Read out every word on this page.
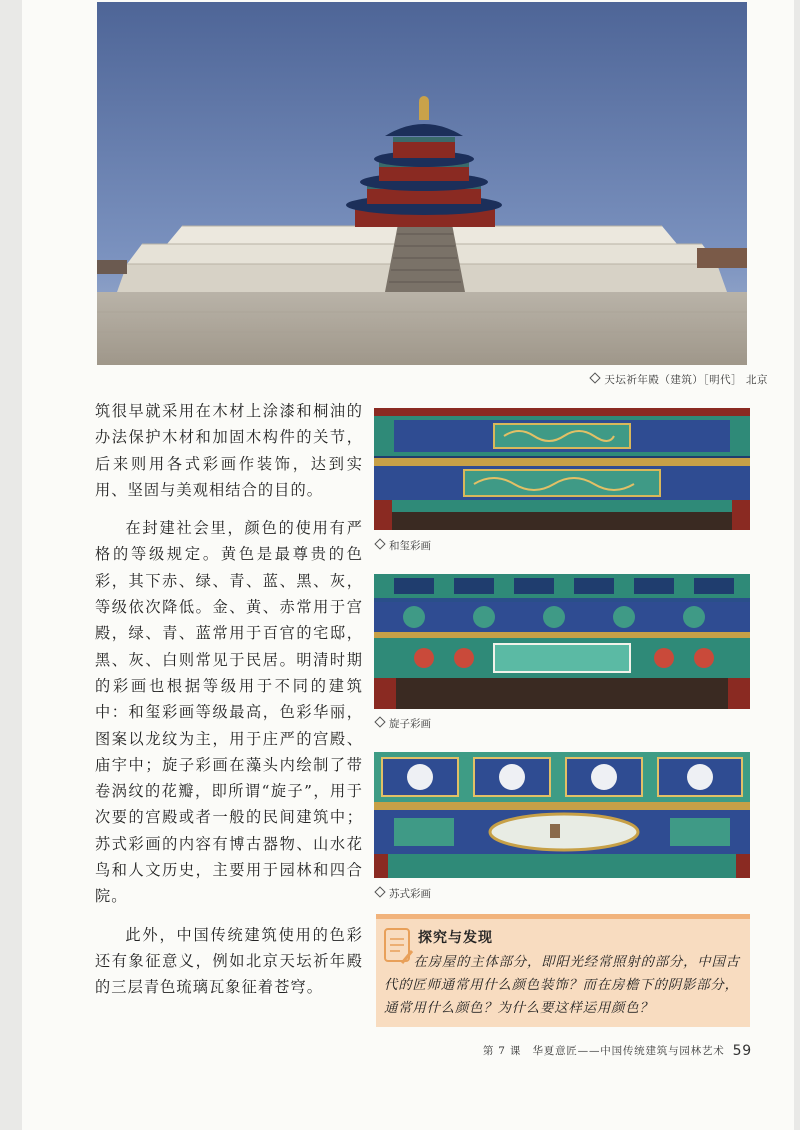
天坛祈年殿（建筑）［明代］ 北京

筑很早就采用在木材上涂漆和桐油的办法保护木材和加固木构件的关节，后来则用各式彩画作装饰，达到实用、坚固与美观相结合的目的。

在封建社会里，颜色的使用有严格的等级规定。黄色是最尊贵的色彩，其下赤、绿、青、蓝、黑、灰，等级依次降低。金、黄、赤常用于宫殿，绿、青、蓝常用于百官的宅邸，黑、灰、白则常见于民居。明清时期的彩画也根据等级用于不同的建筑中：和玺彩画等级最高，色彩华丽，图案以龙纹为主，用于庄严的宫殿、庙宇中；旋子彩画在藻头内绘制了带卷涡纹的花瓣，即所谓“旋子”，用于次要的宫殿或者一般的民间建筑中；苏式彩画的内容有博古器物、山水花鸟和人文历史，主要用于园林和四合院。

此外，中国传统建筑使用的色彩还有象征意义，例如北京天坛祈年殿的三层青色琉璃瓦象征着苍穹。

和玺彩画
旋子彩画
苏式彩画
探究与发现
在房屋的主体部分，即阳光经常照射的部分，中国古代的匠师通常用什么颜色装饰？而在房檐下的阴影部分，通常用什么颜色？为什么要这样运用颜色？
第 7 课　华夏意匠——中国传统建筑与园林艺术 59
